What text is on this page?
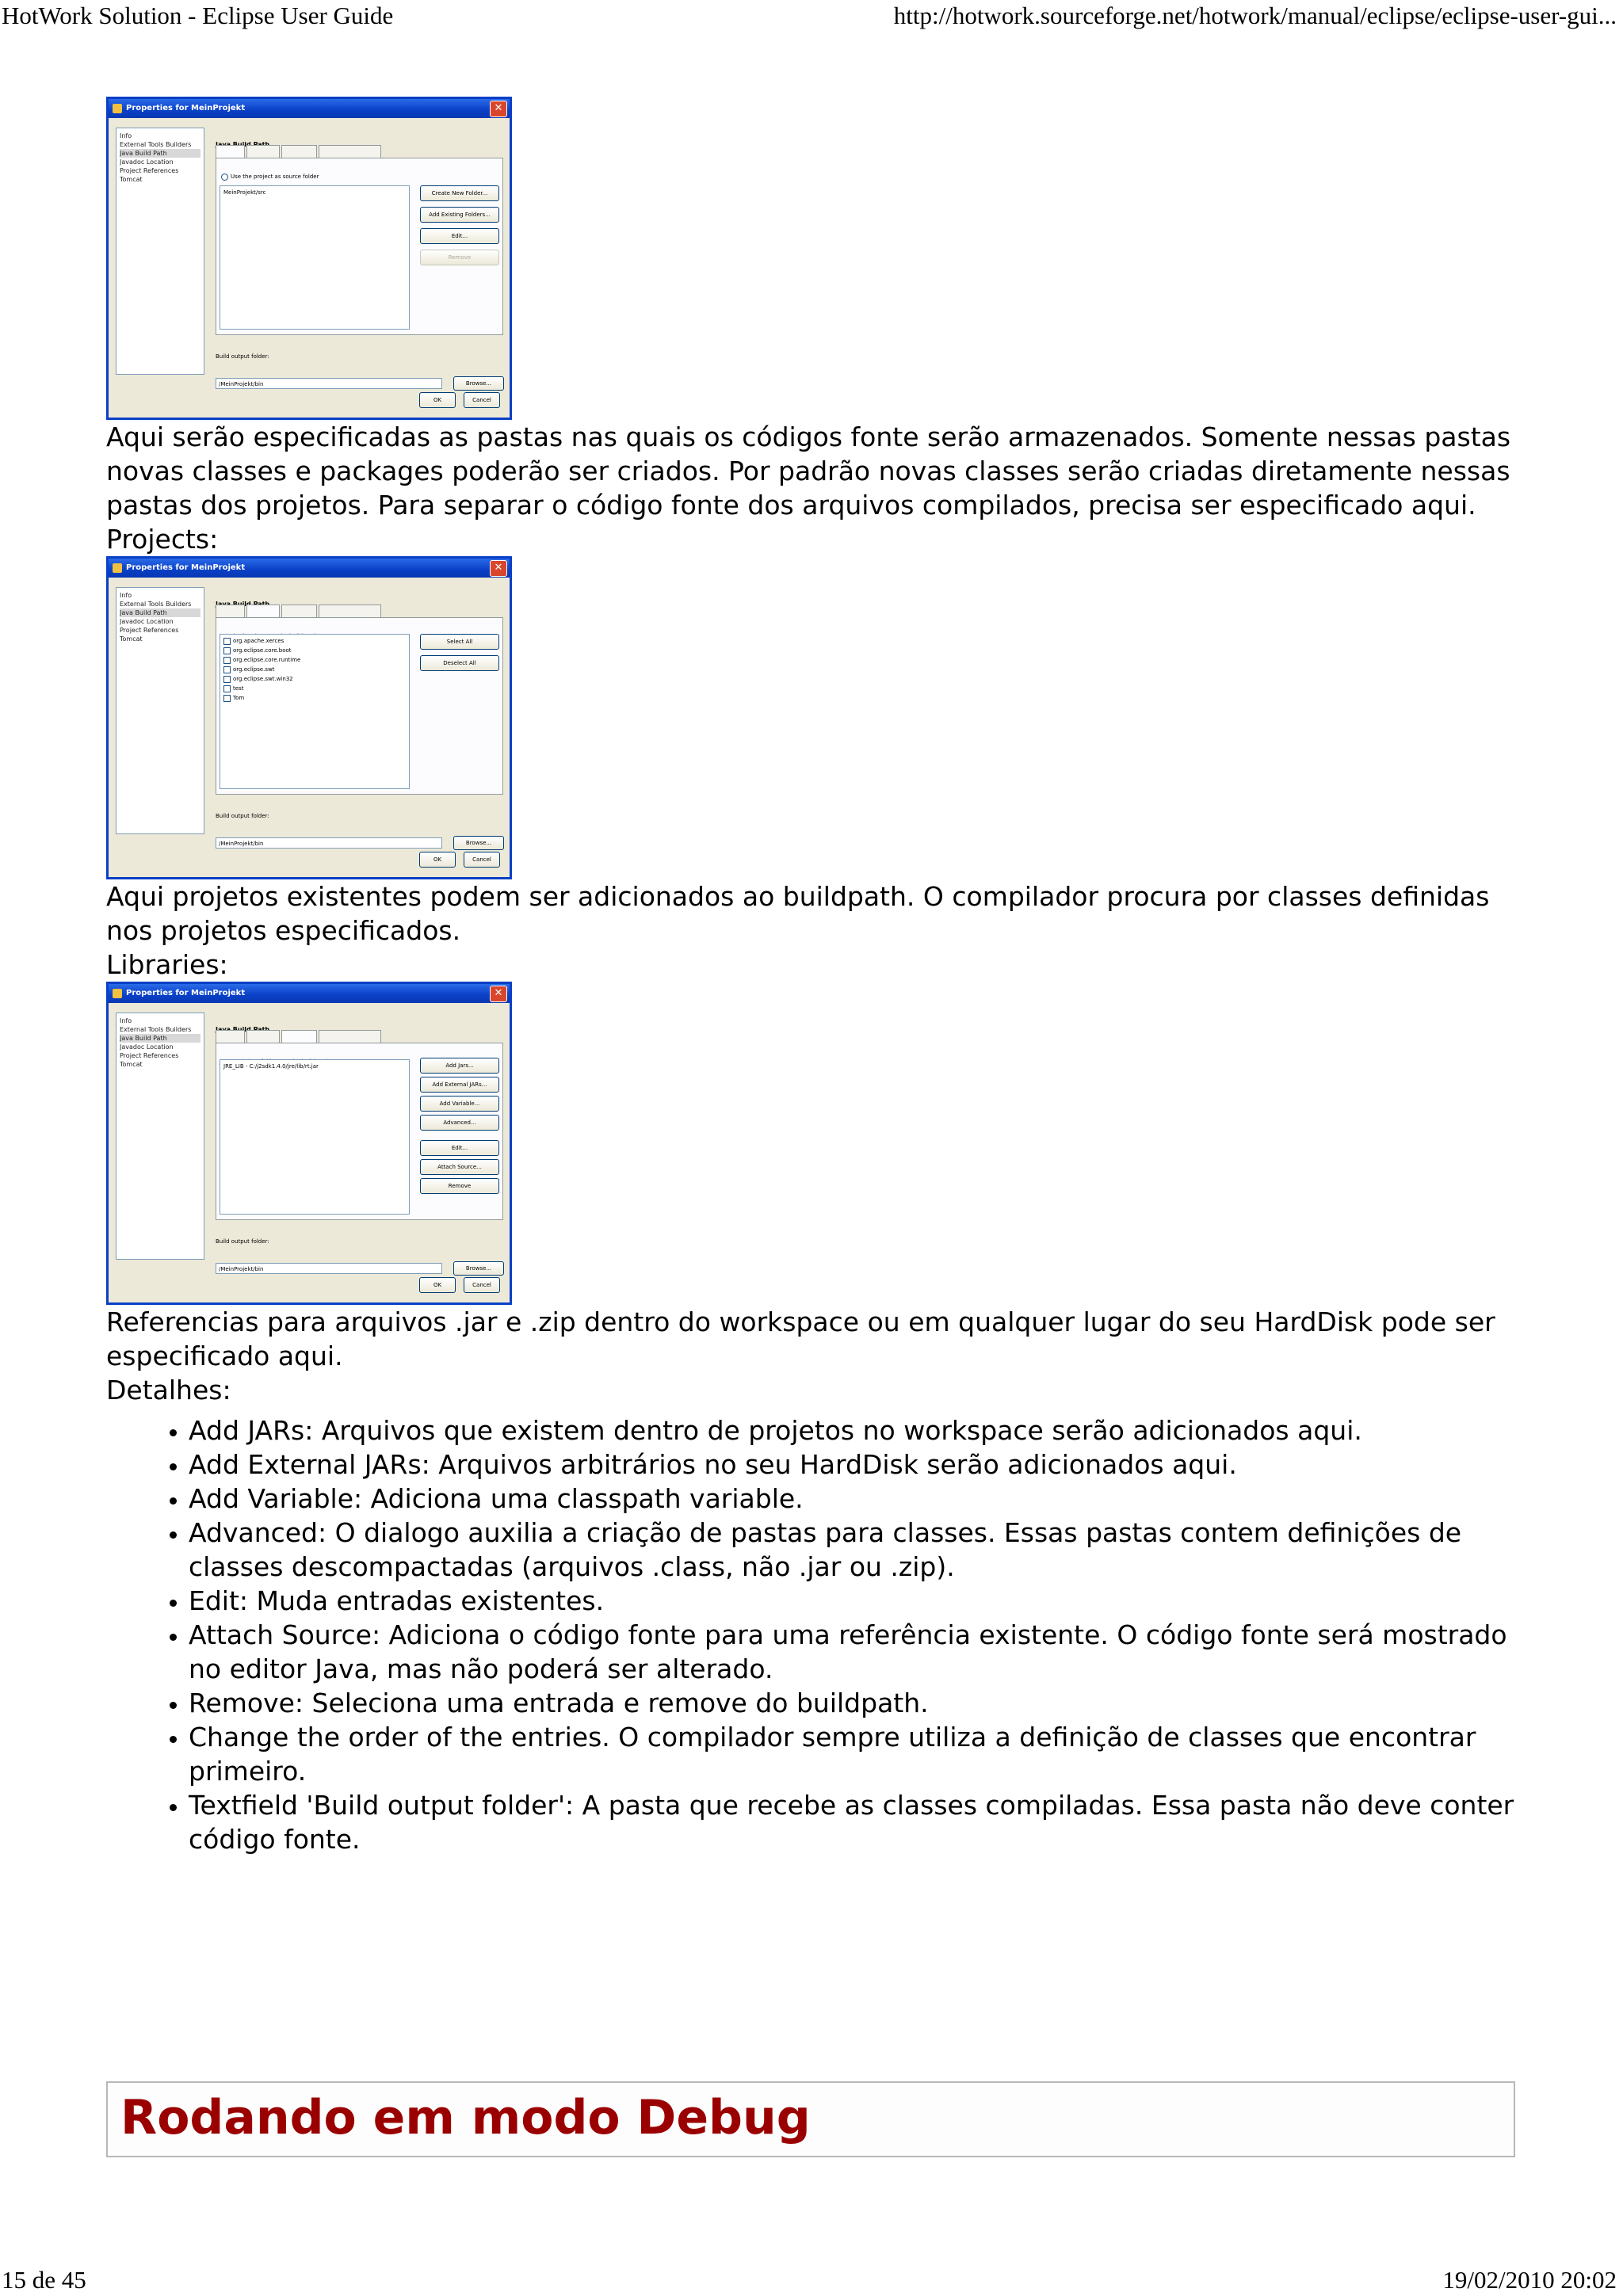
HotWork Solution - Eclipse User Guide	http://hotwork.sourceforge.net/hotwork/manual/eclipse/eclipse-user-gui...
Properties for MeinProjekt	✕
Info
External Tools Builders
Java Build Path
Javadoc Location
Project References
Tomcat	Use the project as source folder
MeinProjekt/src	Create New Folder...
Add Existing Folders...
Edit...
Remove
Build output folder:
/MeinProjekt/bin	Browse...
OK	Cancel

Aqui serão especificadas as pastas nas quais os códigos fonte serão armazenados. Somente nessas pastas novas classes e packages poderão ser criados. Por padrão novas classes serão criadas diretamente nessas pastas dos projetos. Para separar o código fonte dos arquivos compilados, precisa ser especificado aqui.

Projects:

Properties for MeinProjekt	✕
Info
External Tools Builders
Java Build Path
Javadoc Location
Project References
Tomcat	org.apache.xerces
org.eclipse.core.boot
org.eclipse.core.runtime
org.eclipse.swt
org.eclipse.swt.win32
test
Tom
Select All
Deselect All
Build output folder:
/MeinProjekt/bin	Browse...
OK	Cancel

Aqui projetos existentes podem ser adicionados ao buildpath. O compilador procura por classes definidas nos projetos especificados.

Libraries:

Properties for MeinProjekt	✕
Info
External Tools Builders
Java Build Path
Javadoc Location
Project References
Tomcat	JRE_LIB - C:/j2sdk1.4.0/jre/lib/rt.jar	Add Jars...
Add External JARs...
Add Variable...
Advanced...
Edit...
Attach Source...
Remove
Build output folder:
/MeinProjekt/bin	Browse...
OK	Cancel

Referencias para arquivos .jar e .zip dentro do workspace ou em qualquer lugar do seu HardDisk pode ser especificado aqui.

Detalhes:

• Add JARs: Arquivos que existem dentro de projetos no workspace serão adicionados aqui.
• Add External JARs: Arquivos arbitrários no seu HardDisk serão adicionados aqui.
• Add Variable: Adiciona uma classpath variable.
• Advanced: O dialogo auxilia a criação de pastas para classes. Essas pastas contem definições de classes descompactadas (arquivos .class, não .jar ou .zip).
• Edit: Muda entradas existentes.
• Attach Source: Adiciona o código fonte para uma referência existente. O código fonte será mostrado no editor Java, mas não poderá ser alterado.
• Remove: Seleciona uma entrada e remove do buildpath.
• Change the order of the entries. O compilador sempre utiliza a definição de classes que encontrar primeiro.
• Textfield 'Build output folder': A pasta que recebe as classes compiladas. Essa pasta não deve conter código fonte.
Rodando em modo Debug
15 de 45	19/02/2010 20:02
